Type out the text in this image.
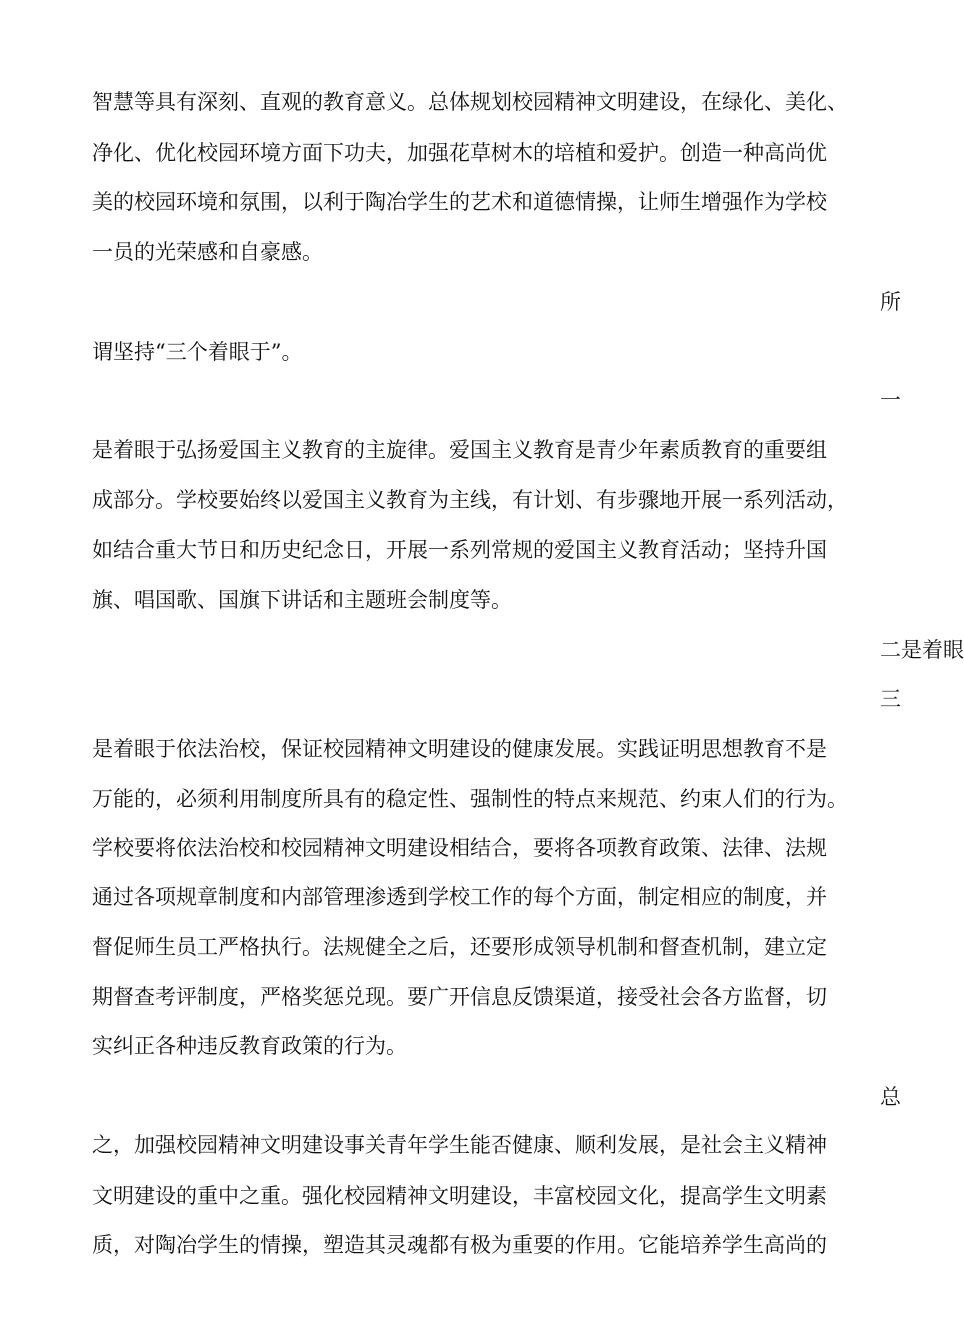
智慧等具有深刻、直观的教育意义。总体规划校园精神文明建设，在绿化、美化、

净化、优化校园环境方面下功夫，加强花草树木的培植和爱护。创造一种高尚优

美的校园环境和氛围，以利于陶冶学生的艺术和道德情操，让师生增强作为学校

一员的光荣感和自豪感。

所

谓坚持“三个着眼于”。

一

是着眼于弘扬爱国主义教育的主旋律。爱国主义教育是青少年素质教育的重要组

成部分。学校要始终以爱国主义教育为主线，有计划、有步骤地开展一系列活动，

如结合重大节日和历史纪念日，开展一系列常规的爱国主义教育活动；坚持升国

旗、唱国歌、国旗下讲话和主题班会制度等。

二是着眼

三

是着眼于依法治校，保证校园精神文明建设的健康发展。实践证明思想教育不是

万能的，必须利用制度所具有的稳定性、强制性的特点来规范、约束人们的行为。

学校要将依法治校和校园精神文明建设相结合，要将各项教育政策、法律、法规

通过各项规章制度和内部管理渗透到学校工作的每个方面，制定相应的制度，并

督促师生员工严格执行。法规健全之后，还要形成领导机制和督查机制，建立定

期督查考评制度，严格奖惩兑现。要广开信息反馈渠道，接受社会各方监督，切

实纠正各种违反教育政策的行为。

总

之，加强校园精神文明建设事关青年学生能否健康、顺利发展，是社会主义精神

文明建设的重中之重。强化校园精神文明建设，丰富校园文化，提高学生文明素

质，对陶冶学生的情操，塑造其灵魂都有极为重要的作用。它能培养学生高尚的
